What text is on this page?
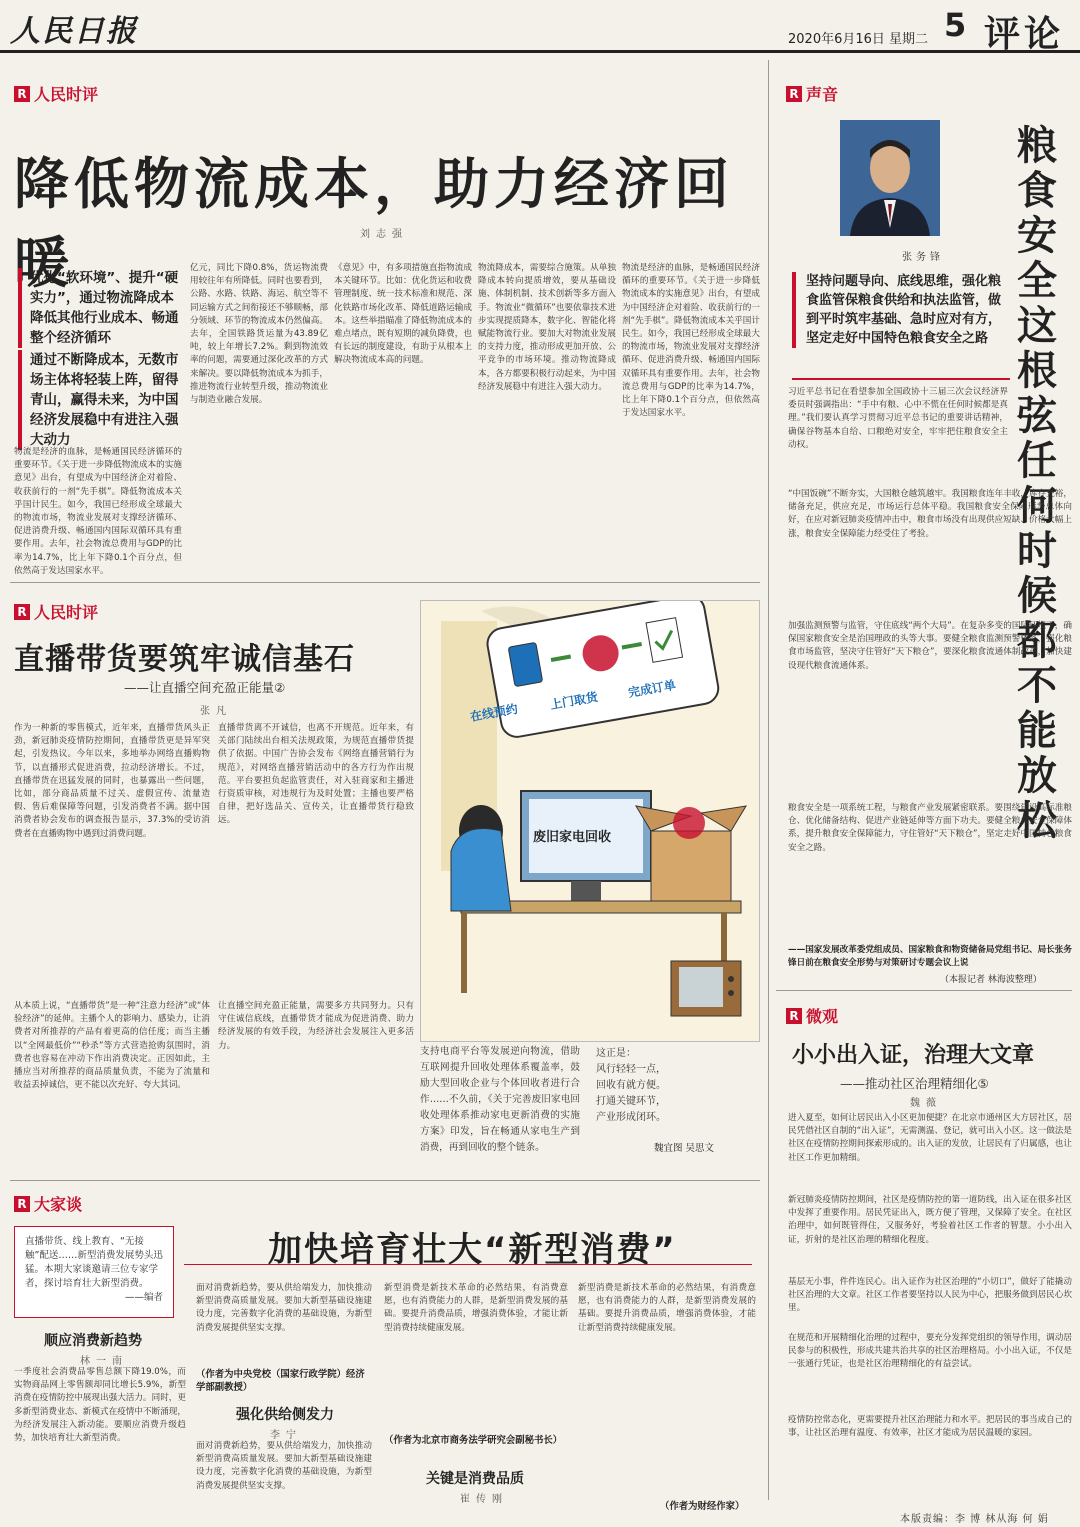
人民日报	2020年6月16日 星期二 5 评论
R 人民时评
降低物流成本，助力经济回暖	刘志强
优化“软环境”、提升“硬实力”，通过物流降成本降低其他行业成本、畅通整个经济循环
通过不断降成本，无数市场主体将轻装上阵，留得青山，赢得未来，为中国经济发展稳中有进注入强大动力
物流是经济的血脉，是畅通国民经济循环的重要环节。《关于进一步降低物流成本的实施意见》出台，有望成为中国经济企对着险、收获前行的一剂“先手棋”。降低物流成本关乎国计民生。如今，我国已经形成全球最大的物流市场，物流业发展对支撑经济循环、促进消费升级、畅通国内国际双循环具有重要作用。去年，社会物流总费用与GDP的比率为14.7%，比上年下降0.1个百分点，但依然高于发达国家水平。
亿元，同比下降0.8%，货运物流费用较往年有所降低。同时也要看到，公路、水路、铁路、海运、航空等不同运输方式之间衔接还不够顺畅，部分领域、环节的物流成本仍然偏高。去年，全国铁路货运量为43.89亿吨，较上年增长7.2%。剩到物流效率的问题，需要通过深化改革的方式来解决。要以降低物流成本为抓手，推进物流行业转型升级，推动物流业与制造业融合发展。
《意见》中，有多项措施直指物流成本关键环节。比如：优化货运和收费管理制度、统一技术标准和规范、深化铁路市场化改革、降低道路运输成本。这些举措瞄准了降低物流成本的难点堵点，既有短期的减负降费，也有长远的制度建设，有助于从根本上解决物流成本高的问题。
物流降成本，需要综合施策。从单独降成本转向提质增效，要从基础设施、体制机制、技术创新等多方面入手。物流业“微循环”也要依靠技术进步实现提质降本，数字化、智能化将赋能物流行业。要加大对物流业发展的支持力度，推动形成更加开放、公平竞争的市场环境。推动物流降成本，各方都要积极行动起来，为中国经济发展稳中有进注入强大动力。
物流是经济的血脉，是畅通国民经济循环的重要环节。《关于进一步降低物流成本的实施意见》出台，有望成为中国经济企对着险、收获前行的一剂“先手棋”。降低物流成本关乎国计民生。如今，我国已经形成全球最大的物流市场，物流业发展对支撑经济循环、促进消费升级、畅通国内国际双循环具有重要作用。去年，社会物流总费用与GDP的比率为14.7%，比上年下降0.1个百分点，但依然高于发达国家水平。
R 声音
张务锋
坚持问题导向、底线思维，强化粮食监管保粮食供给和执法监管，做到平时筑牢基础、急时应对有方，坚定走好中国特色粮食安全之路
粮食安全这根弦任何时候都不能放松
习近平总书记在看望参加全国政协十三届三次会议经济界委员时强调指出：“手中有粮、心中不慌在任何时候都是真理。”我们要认真学习贯彻习近平总书记的重要讲话精神，确保谷物基本自给、口粮绝对安全，牢牢把住粮食安全主动权。
“中国饭碗”不断夯实，大国粮仓越筑越牢。我国粮食连年丰收，库存充裕，储备充足，供应充足，市场运行总体平稳。我国粮食安全保障形势总体向好，在应对新冠肺炎疫情冲击中，粮食市场没有出现供应短缺、价格大幅上涨，粮食安全保障能力经受住了考验。
加强监测预警与监管，守住底线“两个大局”。在复杂多变的国际环境下，确保国家粮食安全是治国理政的头等大事。要健全粮食监测预警体系，强化粮食市场监管，坚决守住管好“天下粮仓”，要深化粮食流通体制改革，加快建设现代粮食流通体系。
粮食安全是一项系统工程，与粮食产业发展紧密联系。要围绕建设高标准粮仓、优化储备结构、促进产业链延伸等方面下功夫。要健全粮食安全保障体系，提升粮食安全保障能力，守住管好“天下粮仓”，坚定走好中国特色粮食安全之路。
——国家发展改革委党组成员、国家粮食和物资储备局党组书记、局长张务锋日前在粮食安全形势与对策研讨专题会议上说
（本报记者 林海波整理）
R 人民时评
直播带货要筑牢诚信基石
——让直播空间充盈正能量②
张凡
作为一种新的零售模式，近年来，直播带货风头正劲，新冠肺炎疫情防控期间，直播带货更是异军突起，引发热议。今年以来，多地举办网络直播购物节，以直播形式促进消费，拉动经济增长。不过，直播带货在迅猛发展的同时，也暴露出一些问题，比如，部分商品质量不过关、虚假宣传、流量造假、售后难保障等问题，引发消费者不满。据中国消费者协会发布的调查报告显示，37.3%的受访消费者在直播购物中遇到过消费问题。
从本质上说，“直播带货”是一种“注意力经济”或“体验经济”的延伸。主播个人的影响力、感染力，让消费者对所推荐的产品有着更高的信任度；而当主播以“全网最低价”“秒杀”等方式营造抢购氛围时，消费者也容易在冲动下作出消费决定。正因如此，主播应当对所推荐的商品质量负责，不能为了流量和收益丢掉诚信，更不能以次充好、夸大其词。
直播带货离不开诚信，也离不开规范。近年来，有关部门陆续出台相关法规政策，为规范直播带货提供了依据。中国广告协会发布《网络直播营销行为规范》，对网络直播营销活动中的各方行为作出规范。平台要担负起监管责任，对入驻商家和主播进行资质审核，对违规行为及时处置；主播也要严格自律，把好选品关、宣传关，让直播带货行稳致远。
让直播空间充盈正能量，需要多方共同努力。只有守住诚信底线，直播带货才能成为促进消费、助力经济发展的有效手段，为经济社会发展注入更多活力。
在线预约
上门取货
完成订单
废旧家电回收
支持电商平台等发展逆向物流，借助互联网提升回收处理体系覆盖率，鼓励大型回收企业与个体回收者进行合作……不久前，《关于完善废旧家电回收处理体系推动家电更新消费的实施方案》印发，旨在畅通从家电生产到消费，再到回收的整个链条。
这正是：
风行轻轻一点，
回收有就方便。
打通关键环节，
产业形成闭环。
魏宜图 吴思文
R 微观
小小出入证，治理大文章
——推动社区治理精细化⑤
魏薇
进入夏至，如何让居民出入小区更加便捷？在北京市通州区大方居社区，居民凭借社区自制的“出入证”，无需测温、登记，就可出入小区。这一做法是社区在疫情防控期间探索形成的。出入证的发放，让居民有了归属感，也让社区工作更加精细。
新冠肺炎疫情防控期间，社区是疫情防控的第一道防线，出入证在很多社区中发挥了重要作用。居民凭证出入，既方便了管理，又保障了安全。在社区治理中，如何既管得住，又服务好，考验着社区工作者的智慧。小小出入证，折射的是社区治理的精细化程度。
基层无小事，件件连民心。出入证作为社区治理的“小切口”，做好了能撬动社区治理的大文章。社区工作者要坚持以人民为中心，把服务做到居民心坎里。
在规范和开展精细化治理的过程中，要充分发挥党组织的领导作用，调动居民参与的积极性，形成共建共治共享的社区治理格局。小小出入证，不仅是一张通行凭证，也是社区治理精细化的有益尝试。
疫情防控常态化，更需要提升社区治理能力和水平。把居民的事当成自己的事，让社区治理有温度、有效率，社区才能成为居民温暖的家园。
R 大家谈
直播带货、线上教育、“无接触”配送……新型消费发展势头迅猛。本期大家谈邀请三位专家学者，探讨培育壮大新型消费。
——编者
加快培育壮大“新型消费”
顺应消费新趋势
林一南
一季度社会消费品零售总额下降19.0%，而实物商品网上零售额却同比增长5.9%，新型消费在疫情防控中展现出强大活力。同时，更多新型消费业态、新模式在疫情中不断涌现，为经济发展注入新动能。要顺应消费升级趋势，加快培育壮大新型消费。
面对消费新趋势，要从供给端发力，加快推动新型消费高质量发展。要加大新型基础设施建设力度，完善数字化消费的基础设施，为新型消费发展提供坚实支撑。
（作者为中央党校（国家行政学院）经济学部副教授）
强化供给侧发力
李宁
面对消费新趋势，要从供给端发力，加快推动新型消费高质量发展。要加大新型基础设施建设力度，完善数字化消费的基础设施，为新型消费发展提供坚实支撑。
新型消费是新技术革命的必然结果，有消费意愿，也有消费能力的人群，是新型消费发展的基础。要提升消费品质，增强消费体验，才能让新型消费持续健康发展。
（作者为北京市商务法学研究会副秘书长）
关键是消费品质
崔传刚
新型消费是新技术革命的必然结果，有消费意愿，也有消费能力的人群，是新型消费发展的基础。要提升消费品质，增强消费体验，才能让新型消费持续健康发展。
（作者为财经作家）
本版责编：李 博 林从海 何 娟
